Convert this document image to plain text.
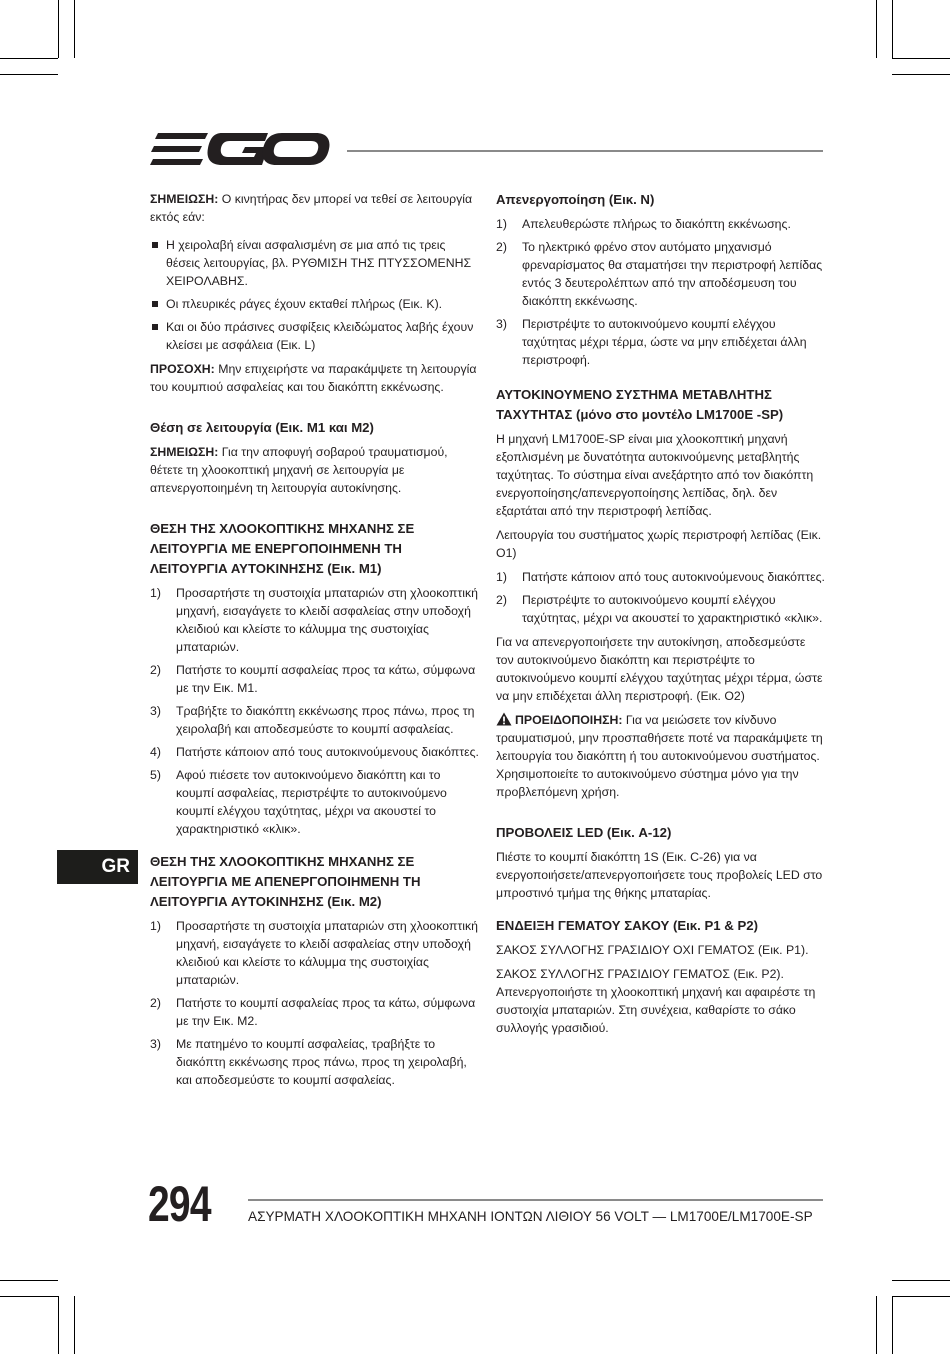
ΣΗΜΕΙΩΣΗ: Ο κινητήρας δεν μπορεί να τεθεί σε λειτουργία εκτός εάν:

Η χειρολαβή είναι ασφαλισμένη σε μια από τις τρεις θέσεις λειτουργίας, βλ. ΡΥΘΜΙΣΗ ΤΗΣ ΠΤΥΣΣΟΜΕΝΗΣ ΧΕΙΡΟΛΑΒΗΣ.
Οι πλευρικές ράγες έχουν εκταθεί πλήρως (Εικ. K).
Και οι δύο πράσινες συσφίξεις κλειδώματος λαβής έχουν κλείσει με ασφάλεια (Εικ. L)

ΠΡΟΣΟΧΗ: Μην επιχειρήστε να παρακάμψετε τη λειτουργία του κουμπιού ασφαλείας και του διακόπτη εκκένωσης.

Θέση σε λειτουργία (Εικ. M1 και M2)

ΣΗΜΕΙΩΣΗ: Για την αποφυγή σοβαρού τραυματισμού, θέτετε τη χλοοκοπτική μηχανή σε λειτουργία με απενεργοποιημένη τη λειτουργία αυτοκίνησης.

ΘΕΣΗ ΤΗΣ ΧΛΟΟΚΟΠΤΙΚΗΣ ΜΗΧΑΝΗΣ ΣΕ ΛΕΙΤΟΥΡΓΙΑ ΜΕ ΕΝΕΡΓΟΠΟΙΗΜΕΝΗ ΤΗ ΛΕΙΤΟΥΡΓΙΑ ΑΥΤΟΚΙΝΗΣΗΣ (Εικ. M1)
1) Προσαρτήστε τη συστοιχία μπαταριών στη χλοοκοπτική μηχανή, εισαγάγετε το κλειδί ασφαλείας στην υποδοχή κλειδιού και κλείστε το κάλυμμα της συστοιχίας μπαταριών.
2) Πατήστε το κουμπί ασφαλείας προς τα κάτω, σύμφωνα με την Εικ. M1.
3) Τραβήξτε το διακόπτη εκκένωσης προς πάνω, προς τη χειρολαβή και αποδεσμεύστε το κουμπί ασφαλείας.
4) Πατήστε κάποιον από τους αυτοκινούμενους διακόπτες.
5) Αφού πιέσετε τον αυτοκινούμενο διακόπτη και το κουμπί ασφαλείας, περιστρέψτε το αυτοκινούμενο κουμπί ελέγχου ταχύτητας, μέχρι να ακουστεί το χαρακτηριστικό «κλικ».
ΘΕΣΗ ΤΗΣ ΧΛΟΟΚΟΠΤΙΚΗΣ ΜΗΧΑΝΗΣ ΣΕ ΛΕΙΤΟΥΡΓΙΑ ΜΕ ΑΠΕΝΕΡΓΟΠΟΙΗΜΕΝΗ ΤΗ ΛΕΙΤΟΥΡΓΙΑ ΑΥΤΟΚΙΝΗΣΗΣ (Εικ. M2)
1) Προσαρτήστε τη συστοιχία μπαταριών στη χλοοκοπτική μηχανή, εισαγάγετε το κλειδί ασφαλείας στην υποδοχή κλειδιού και κλείστε το κάλυμμα της συστοιχίας μπαταριών.
2) Πατήστε το κουμπί ασφαλείας προς τα κάτω, σύμφωνα με την Εικ. M2.
3) Με πατημένο το κουμπί ασφαλείας, τραβήξτε το διακόπτη εκκένωσης προς πάνω, προς τη χειρολαβή, και αποδεσμεύστε το κουμπί ασφαλείας.
Απενεργοποίηση (Εικ. N)
1) Απελευθερώστε πλήρως το διακόπτη εκκένωσης.
2) Το ηλεκτρικό φρένο στον αυτόματο μηχανισμό φρεναρίσματος θα σταματήσει την περιστροφή λεπίδας εντός 3 δευτερολέπτων από την αποδέσμευση του διακόπτη εκκένωσης.
3) Περιστρέψτε το αυτοκινούμενο κουμπί ελέγχου ταχύτητας μέχρι τέρμα, ώστε να μην επιδέχεται άλλη περιστροφή.
ΑΥΤΟΚΙΝΟΥΜΕΝΟ ΣΥΣΤΗΜΑ ΜΕΤΑΒΛΗΤΗΣ ΤΑΧΥΤΗΤΑΣ (μόνο στο μοντέλο LM1700E -SP)

Η μηχανή LM1700E-SP είναι μια χλοοκοπτική μηχανή εξοπλισμένη με δυνατότητα αυτοκινούμενης μεταβλητής ταχύτητας. Το σύστημα είναι ανεξάρτητο από τον διακόπτη ενεργοποίησης/απενεργοποίησης λεπίδας, δηλ. δεν εξαρτάται από την περιστροφή λεπίδας.

Λειτουργία του συστήματος χωρίς περιστροφή λεπίδας (Εικ. O1)

1) Πατήστε κάποιον από τους αυτοκινούμενους διακόπτες.
2) Περιστρέψτε το αυτοκινούμενο κουμπί ελέγχου ταχύτητας, μέχρι να ακουστεί το χαρακτηριστικό «κλικ».

Για να απενεργοποιήσετε την αυτοκίνηση, αποδεσμεύστε τον αυτοκινούμενο διακόπτη και περιστρέψτε το αυτοκινούμενο κουμπί ελέγχου ταχύτητας μέχρι τέρμα, ώστε να μην επιδέχεται άλλη περιστροφή. (Εικ. O2)

ΠΡΟΕΙΔΟΠΟΙΗΣΗ: Για να μειώσετε τον κίνδυνο τραυματισμού, μην προσπαθήσετε ποτέ να παρακάμψετε τη λειτουργία του διακόπτη ή του αυτοκινούμενου συστήματος. Χρησιμοποιείτε το αυτοκινούμενο σύστημα μόνο για την προβλεπόμενη χρήση.

ΠΡΟΒΟΛΕΙΣ LED (Εικ. A-12)

Πιέστε το κουμπί διακόπτη 1S (Εικ. C-26) για να ενεργοποιήσετε/απενεργοποιήσετε τους προβολείς LED στο μπροστινό τμήμα της θήκης μπαταρίας.

ΕΝΔΕΙΞΗ ΓΕΜΑΤΟΥ ΣΑΚΟΥ (Εικ. P1 & P2)

ΣΑΚΟΣ ΣΥΛΛΟΓΗΣ ΓΡΑΣΙΔΙΟΥ ΟΧΙ ΓΕΜΑΤΟΣ (Εικ. P1).

ΣΑΚΟΣ ΣΥΛΛΟΓΗΣ ΓΡΑΣΙΔΙΟΥ ΓΕΜΑΤΟΣ (Εικ. P2). Απενεργοποιήστε τη χλοοκοπτική μηχανή και αφαιρέστε τη συστοιχία μπαταριών. Στη συνέχεια, καθαρίστε το σάκο συλλογής γρασιδιού.

GR
294	ΑΣΥΡΜΑΤΗ ΧΛΟΟΚΟΠΤΙΚΗ ΜΗΧΑΝΗ ΙΟΝΤΩΝ ΛΙΘΙΟΥ 56 VOLT — LM1700E/LM1700E-SP
